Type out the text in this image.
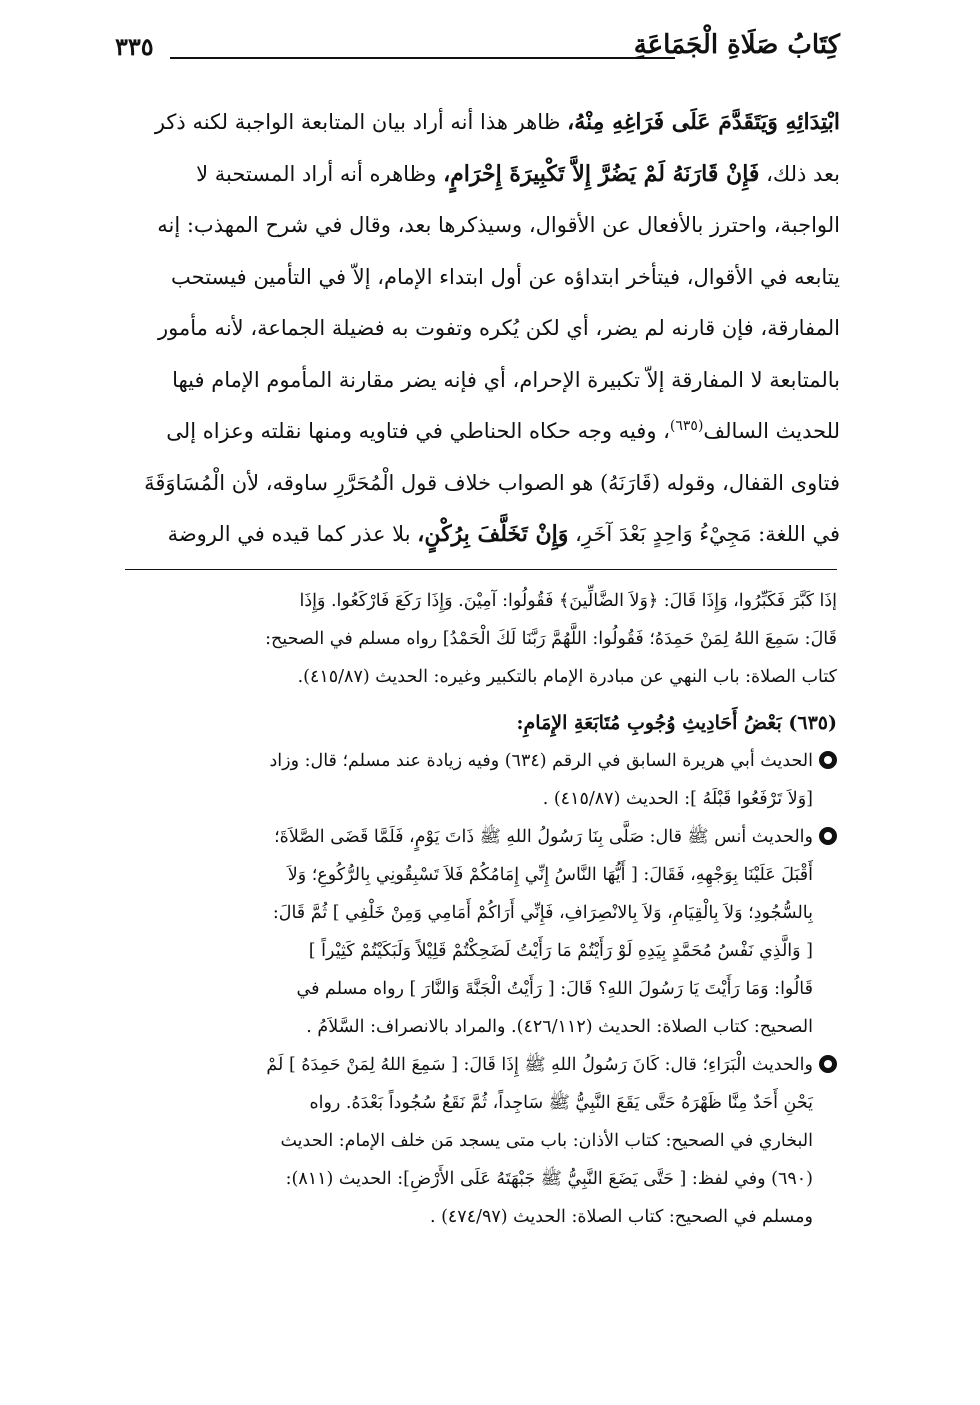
كِتَابُ صَلَاةِ الْجَمَاعَةِ
٣٣٥

ابْتِدَائِهِ وَيَتَقَدَّمَ عَلَى فَرَاغِهِ مِنْهُ، ظاهر هذا أنه أراد بيان المتابعة الواجبة لكنه ذكر

بعد ذلك، فَإِنْ قَارَنَهُ لَمْ يَضُرَّ إِلاَّ تَكْبِيرَةَ إِحْرَامٍ، وظاهره أنه أراد المستحبة لا

الواجبة، واحترز بالأفعال عن الأقوال، وسيذكرها بعد، وقال في شرح المهذب: إنه

يتابعه في الأقوال، فيتأخر ابتداؤه عن أول ابتداء الإمام، إلاّ في التأمين فيستحب

المفارقة، فإن قارنه لم يضر، أي لكن يُكره وتفوت به فضيلة الجماعة، لأنه مأمور

بالمتابعة لا المفارقة إلاّ تكبيرة الإحرام، أي فإنه يضر مقارنة المأموم الإمام فيها

للحديث السالف$^{(٦٣٥)}$، وفيه وجه حكاه الحناطي في فتاويه ومنها نقلته وعزاه إلى

فتاوى القفال، وقوله (قَارَنَهُ) هو الصواب خلاف قول الْمُحَرَّرِ ساوقه، لأن الْمُسَاوَقَةَ

في اللغة: مَجِيْءُ وَاحِدٍ بَعْدَ آخَرِ، وَإِنْ تَخَلَّفَ بِرُكْنٍ، بلا عذر كما قيده في الروضة

إذَا كَبَّرَ فَكَبِّرُوا، وَإِذَا قَالَ: ﴿وَلاَ الضَّالِّينَ﴾ فَقُولُوا: آمِيْنَ. وَإِذَا رَكَعَ فَارْكَعُوا. وَإِذَا

قَالَ: سَمِعَ اللهُ لِمَنْ حَمِدَهُ؛ فَقُولُوا: اللَّهُمَّ رَبَّنَا لَكَ الْحَمْدُ] رواه مسلم في الصحيح:

كتاب الصلاة: باب النهي عن مبادرة الإمام بالتكبير وغيره: الحديث (٤١٥/٨٧).

(٦٣٥) بَعْضُ أَحَادِيثِ وُجُوبِ مُتَابَعَةِ الإِمَامِ:

الحديث أبي هريرة السابق في الرقم (٦٣٤) وفيه زيادة عند مسلم؛ قال: وزاد

[وَلاَ تَرْفَعُوا قَبْلَهُ ]: الحديث (٤١٥/٨٧) .

والحديث أنس ﷺ قال: صَلَّى بِنَا رَسُولُ اللهِ ﷺ ذَاتَ يَوْمٍ، فَلَمَّا قَضَى الصَّلاَةَ؛

أَقْبَلَ عَلَيْنَا بِوَجْهِهِ، فَقَالَ: [ أَيُّهَا النَّاسُ إِنِّي إِمَامُكُمْ فَلاَ تَسْبِقُونِي بِالرُّكُوعِ؛ وَلاَ

بِالسُّجُودِ؛ وَلاَ بِالْقِيَامِ، وَلاَ بِالانْصِرَافِ، فَإِنِّي أَرَاكُمْ أَمَامِي وَمِنْ خَلْفِي ] ثُمَّ قَالَ:

[ وَالَّذِي نَفْسُ مُحَمَّدٍ بِيَدِهِ لَوْ رَأَيْتُمْ مَا رَأَيْتُ لَضَحِكْتُمْ قَلِيْلاً وَلَبَكَيْتُمْ كَثِيْراً ]

قَالُوا: وَمَا رَأَيْتَ يَا رَسُولَ اللهِ؟ قَالَ: [ رَأَيْتُ الْجَنَّةَ وَالنَّارَ ] رواه مسلم في

الصحيح: كتاب الصلاة: الحديث (٤٢٦/١١٢). والمراد بالانصراف: السَّلاَمُ .

والحديث الْبَرَاءِ؛ قال: كَانَ رَسُولُ اللهِ ﷺ إِذَا قَالَ: [ سَمِعَ اللهُ لِمَنْ حَمِدَهُ ] لَمْ

يَحْنِ أَحَدٌ مِنَّا ظَهْرَهُ حَتَّى يَقَعَ النَّبِيُّ ﷺ سَاجِداً، ثُمَّ نَقَعُ سُجُوداً بَعْدَهُ. رواه

البخاري في الصحيح: كتاب الأذان: باب متى يسجد مَن خلف الإمام: الحديث

(٦٩٠) وفي لفظ: [ حَتَّى يَضَعَ النَّبِيُّ ﷺ جَبْهَتَهُ عَلَى الأَرْضِ]: الحديث (٨١١):

ومسلم في الصحيح: كتاب الصلاة: الحديث (٤٧٤/٩٧) .
